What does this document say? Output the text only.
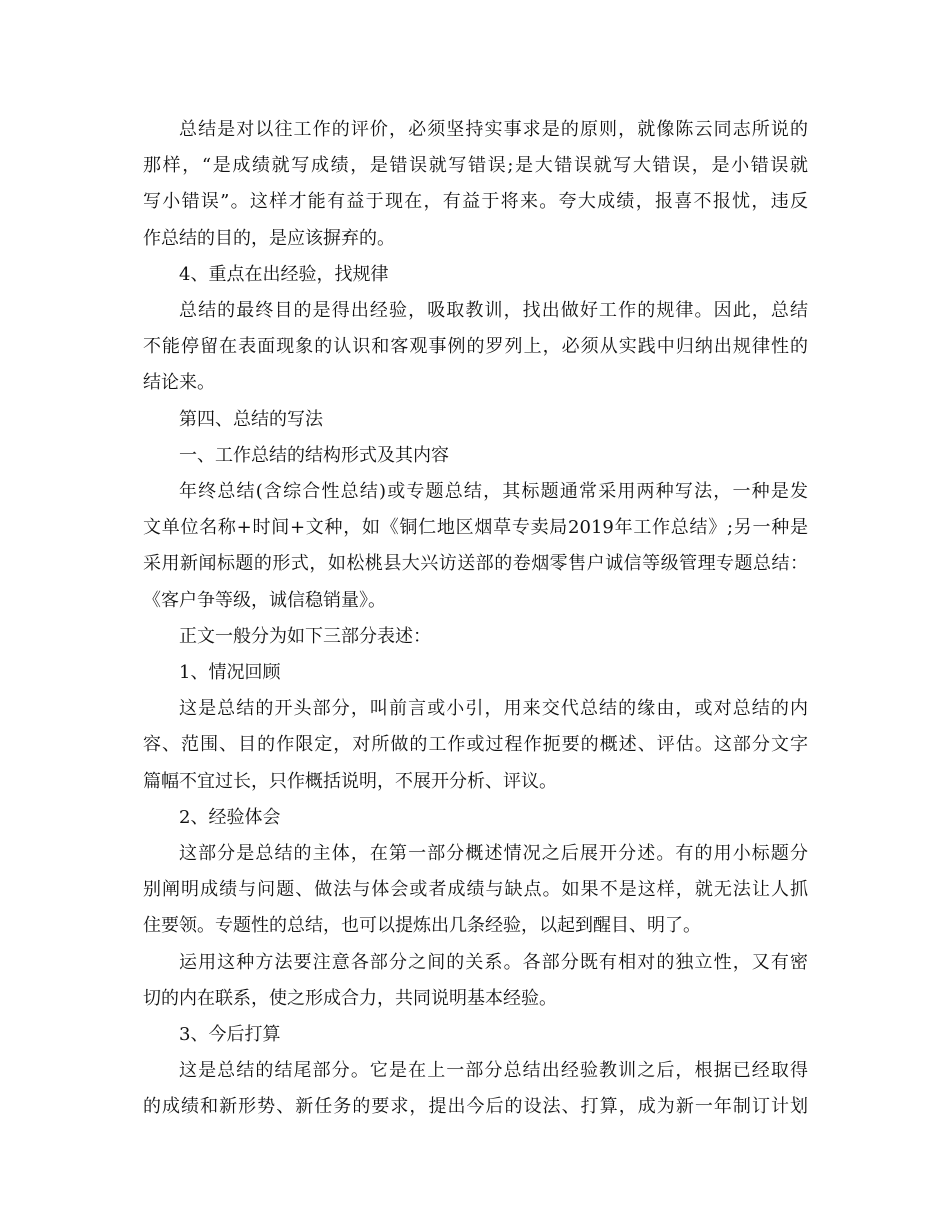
总结是对以往工作的评价，必须坚持实事求是的原则，就像陈云同志所说的
那样，“是成绩就写成绩，是错误就写错误;是大错误就写大错误，是小错误就
写小错误”。这样才能有益于现在，有益于将来。夸大成绩，报喜不报忧，违反
作总结的目的，是应该摒弃的。
4、重点在出经验，找规律
总结的最终目的是得出经验，吸取教训，找出做好工作的规律。因此，总结
不能停留在表面现象的认识和客观事例的罗列上，必须从实践中归纳出规律性的
结论来。
第四、总结的写法
一、工作总结的结构形式及其内容
年终总结(含综合性总结)或专题总结，其标题通常采用两种写法，一种是发
文单位名称+时间+文种，如《铜仁地区烟草专卖局2019年工作总结》;另一种是
采用新闻标题的形式，如松桃县大兴访送部的卷烟零售户诚信等级管理专题总结：
《客户争等级，诚信稳销量》。
正文一般分为如下三部分表述：
1、情况回顾
这是总结的开头部分，叫前言或小引，用来交代总结的缘由，或对总结的内
容、范围、目的作限定，对所做的工作或过程作扼要的概述、评估。这部分文字
篇幅不宜过长，只作概括说明，不展开分析、评议。
2、经验体会
这部分是总结的主体，在第一部分概述情况之后展开分述。有的用小标题分
别阐明成绩与问题、做法与体会或者成绩与缺点。如果不是这样，就无法让人抓
住要领。专题性的总结，也可以提炼出几条经验，以起到醒目、明了。
运用这种方法要注意各部分之间的关系。各部分既有相对的独立性，又有密
切的内在联系，使之形成合力，共同说明基本经验。
3、今后打算
这是总结的结尾部分。它是在上一部分总结出经验教训之后，根据已经取得
的成绩和新形势、新任务的要求，提出今后的设法、打算，成为新一年制订计划
